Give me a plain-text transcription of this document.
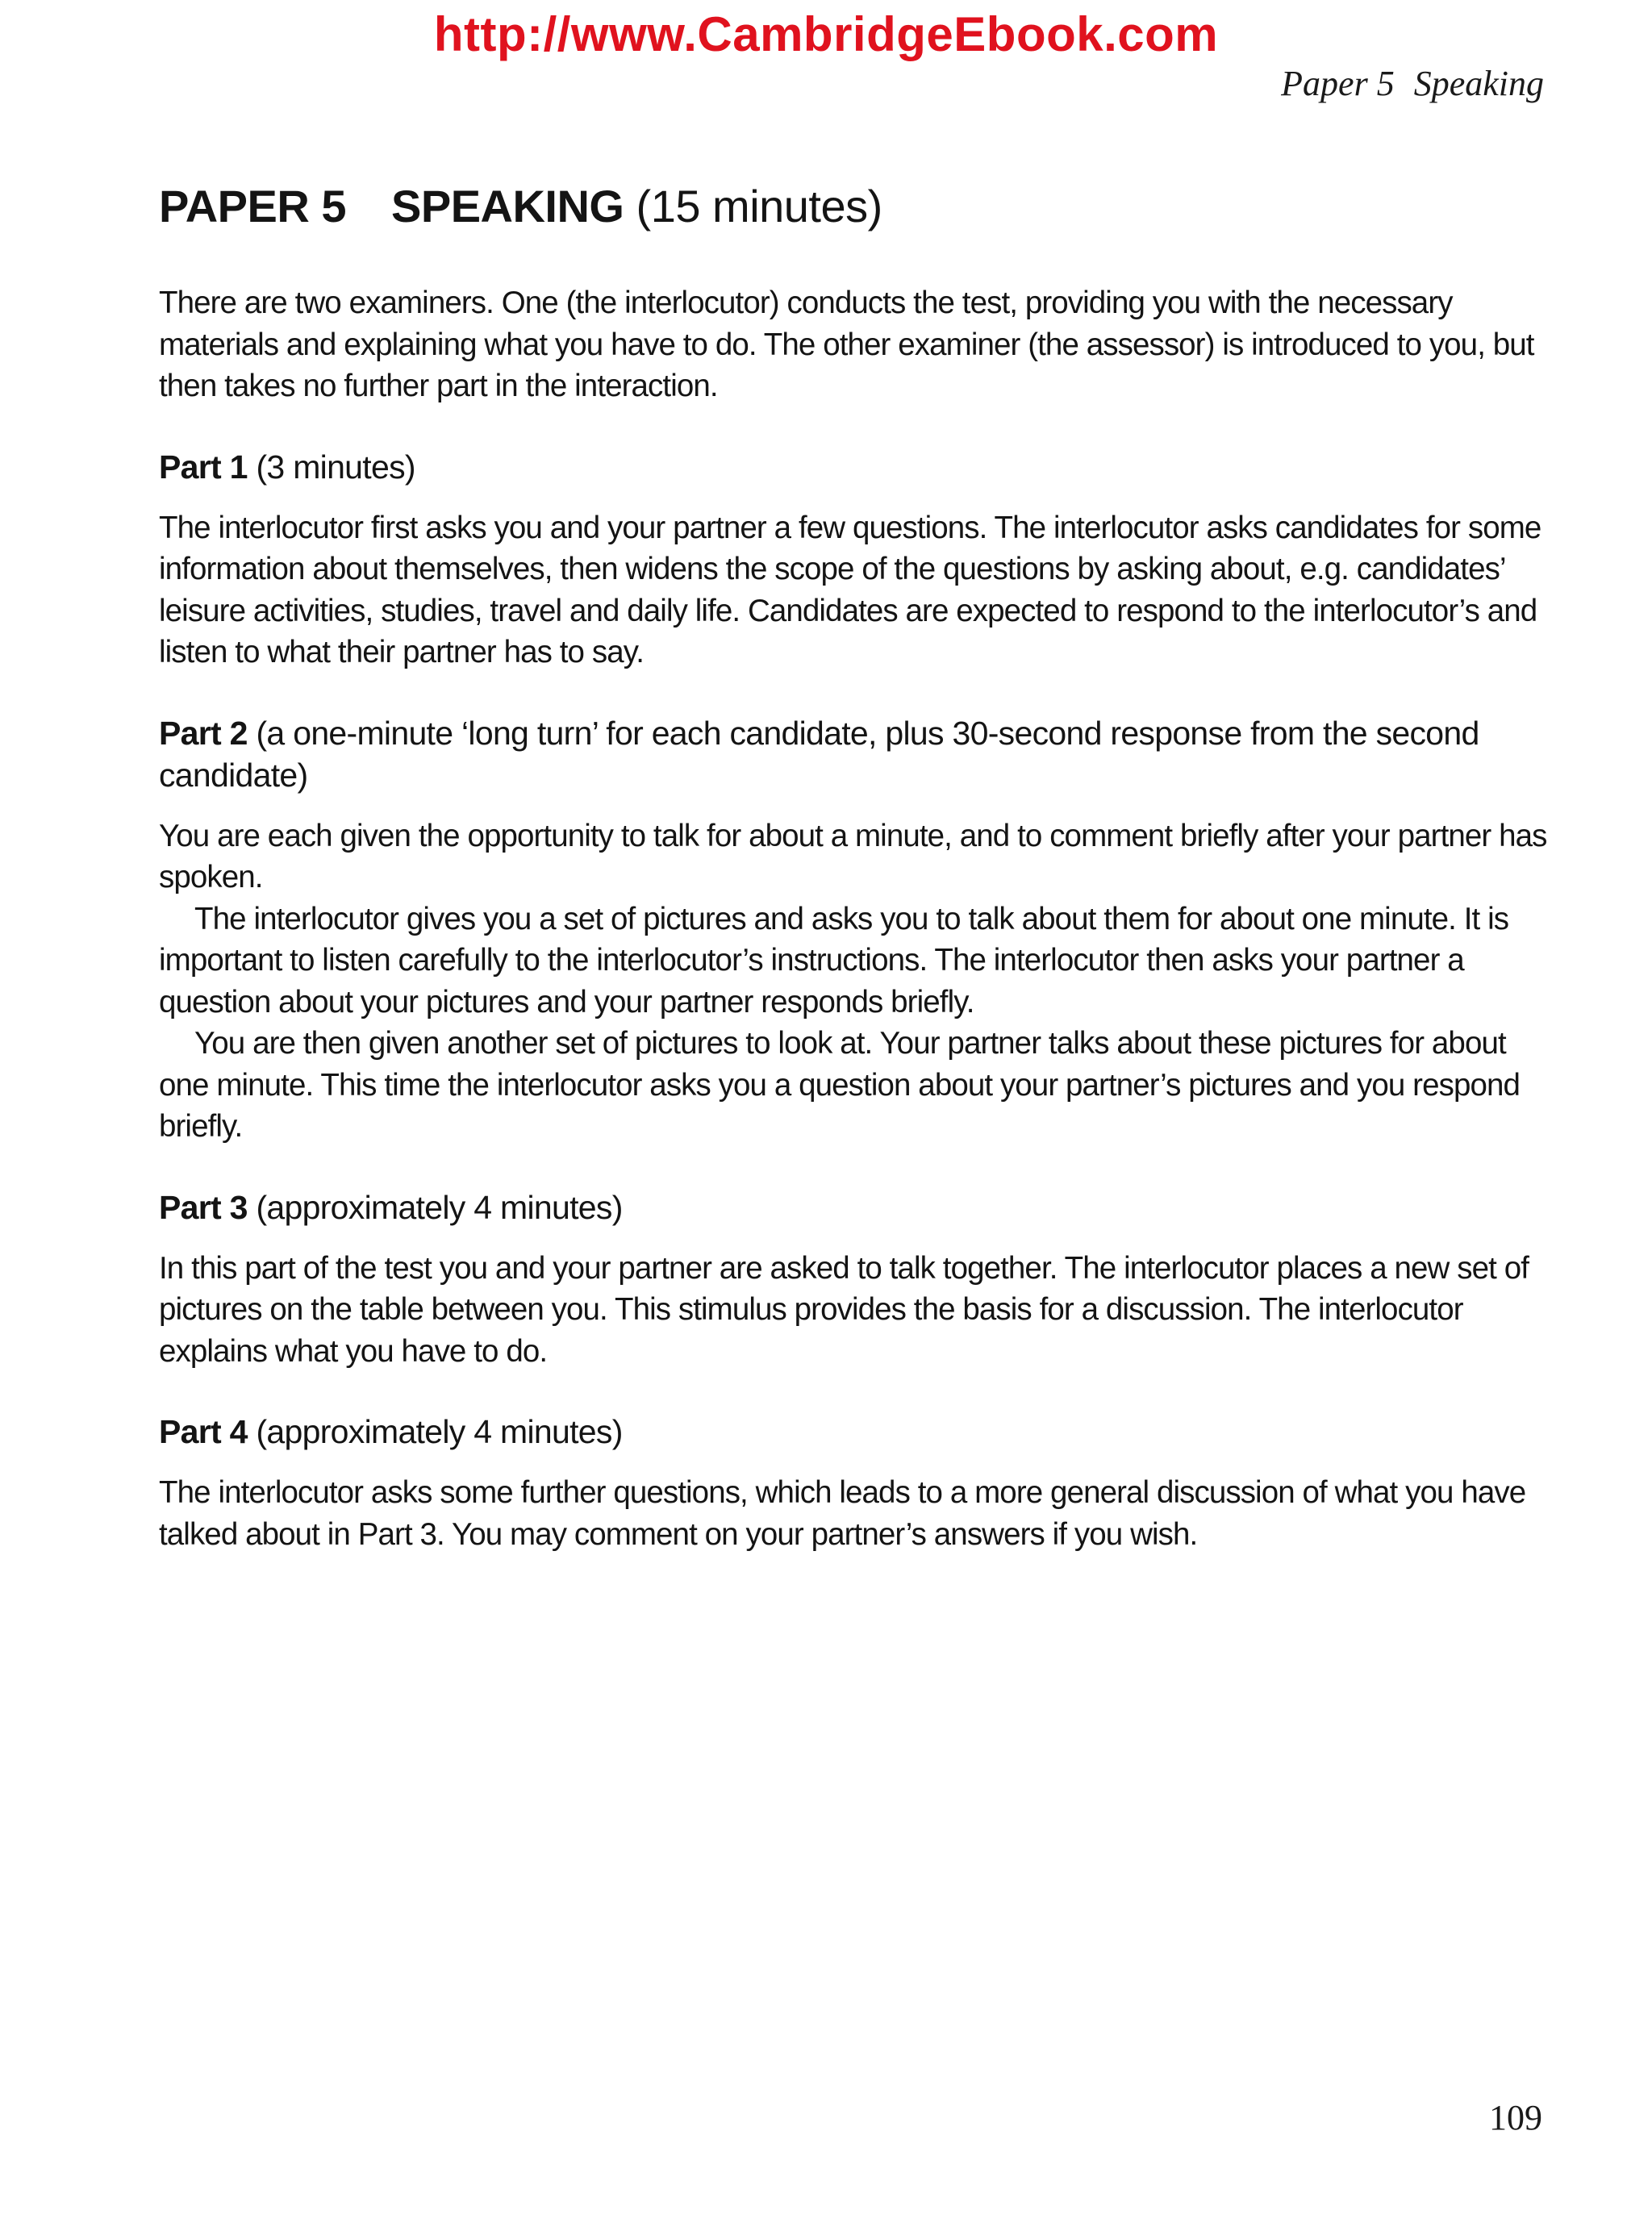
http://www.CambridgeEbook.com
Paper 5 Speaking
PAPER 5 SPEAKING (15 minutes)

There are two examiners. One (the interlocutor) conducts the test, providing you with the necessary materials and explaining what you have to do. The other examiner (the assessor) is introduced to you, but then takes no further part in the interaction.

Part 1 (3 minutes)

The interlocutor first asks you and your partner a few questions. The interlocutor asks candidates for some information about themselves, then widens the scope of the questions by asking about, e.g. candidates’ leisure activities, studies, travel and daily life. Candidates are expected to respond to the interlocutor’s and listen to what their partner has to say.

Part 2 (a one-minute ‘long turn’ for each candidate, plus 30-second response from the second candidate)

You are each given the opportunity to talk for about a minute, and to comment briefly after your partner has spoken.

The interlocutor gives you a set of pictures and asks you to talk about them for about one minute. It is important to listen carefully to the interlocutor’s instructions. The interlocutor then asks your partner a question about your pictures and your partner responds briefly.

You are then given another set of pictures to look at. Your partner talks about these pictures for about one minute. This time the interlocutor asks you a question about your partner’s pictures and you respond briefly.

Part 3 (approximately 4 minutes)

In this part of the test you and your partner are asked to talk together. The interlocutor places a new set of pictures on the table between you. This stimulus provides the basis for a discussion. The interlocutor explains what you have to do.

Part 4 (approximately 4 minutes)

The interlocutor asks some further questions, which leads to a more general discussion of what you have talked about in Part 3. You may comment on your partner’s answers if you wish.

109
